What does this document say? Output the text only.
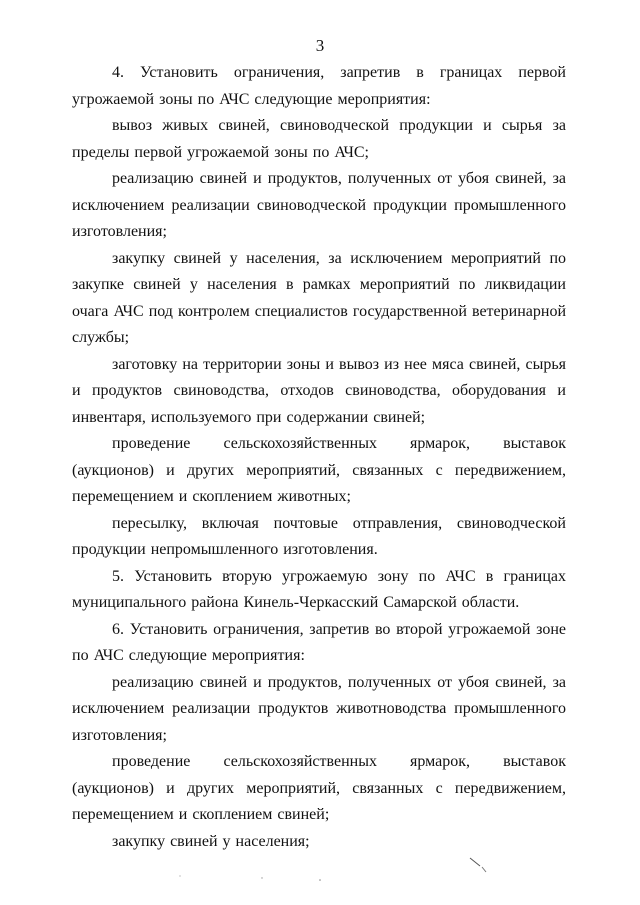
3

4. Установить ограничения, запретив в границах первой угрожаемой зоны по АЧС следующие мероприятия:

вывоз живых свиней, свиноводческой продукции и сырья за пределы первой угрожаемой зоны по АЧС;

реализацию свиней и продуктов, полученных от убоя свиней, за исключением реализации свиноводческой продукции промышленного изготовления;

закупку свиней у населения, за исключением мероприятий по закупке свиней у населения в рамках мероприятий по ликвидации очага АЧС под контролем специалистов государственной ветеринарной службы;

заготовку на территории зоны и вывоз из нее мяса свиней, сырья и продуктов свиноводства, отходов свиноводства, оборудования и инвентаря, используемого при содержании свиней;

проведение сельскохозяйственных ярмарок, выставок (аукционов) и других мероприятий, связанных с передвижением, перемещением и скоплением животных;

пересылку, включая почтовые отправления, свиноводческой продукции непромышленного изготовления.

5. Установить вторую угрожаемую зону по АЧС в границах муниципального района Кинель-Черкасский Самарской области.

6. Установить ограничения, запретив во второй угрожаемой зоне по АЧС следующие мероприятия:

реализацию свиней и продуктов, полученных от убоя свиней, за исключением реализации продуктов животноводства промышленного изготовления;

проведение сельскохозяйственных ярмарок, выставок (аукционов) и других мероприятий, связанных с передвижением, перемещением и скоплением свиней;

закупку свиней у населения;
